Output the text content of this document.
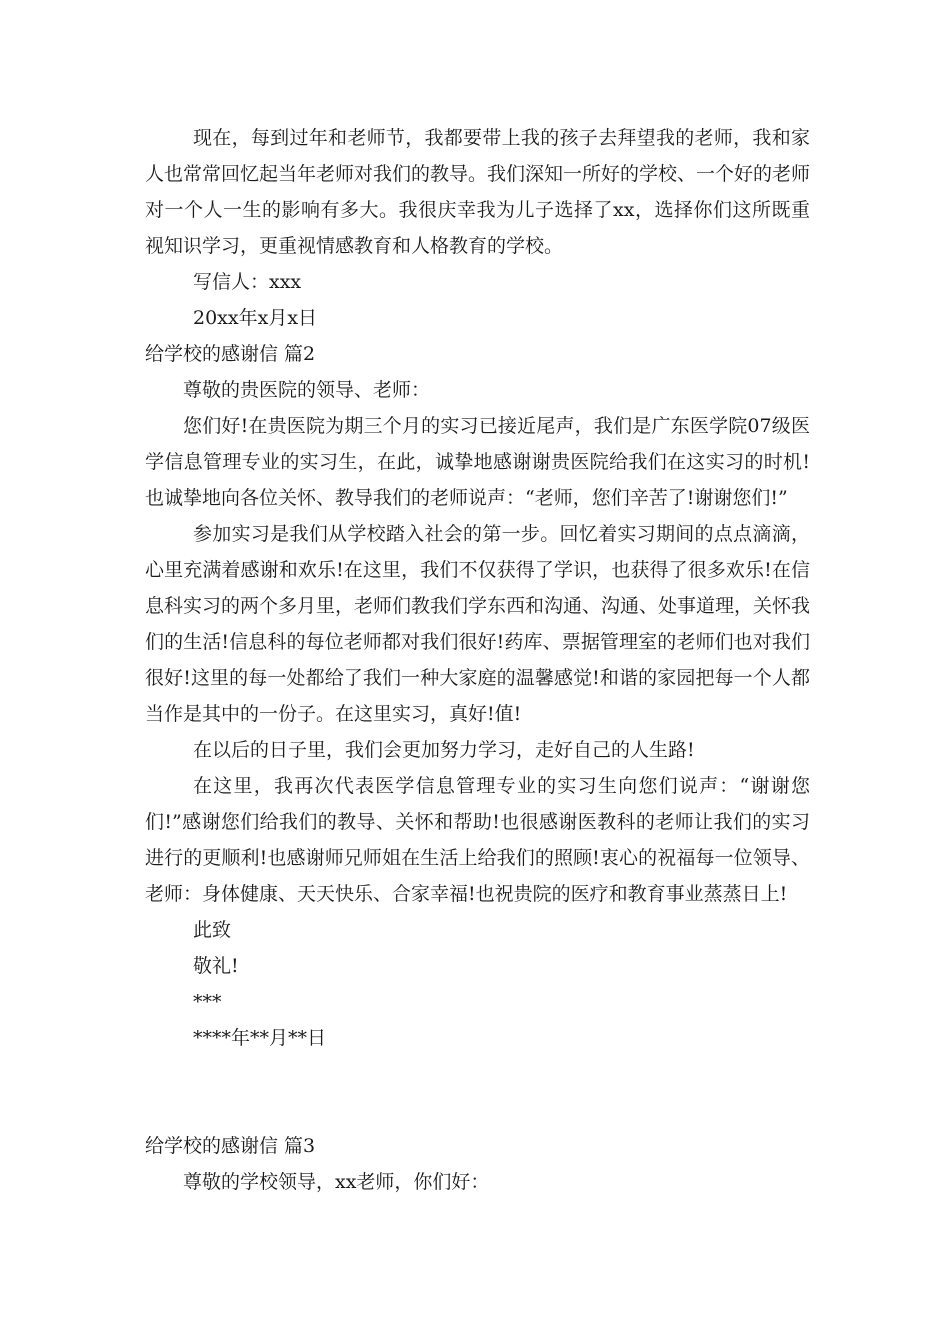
现在，每到过年和老师节，我都要带上我的孩子去拜望我的老师，我和家人也常常回忆起当年老师对我们的教导。我们深知一所好的学校、一个好的老师对一个人一生的影响有多大。我很庆幸我为儿子选择了xx，选择你们这所既重视知识学习，更重视情感教育和人格教育的学校。

写信人：xxx

20xx年x月x日

给学校的感谢信 篇2

尊敬的贵医院的领导、老师：

您们好!在贵医院为期三个月的实习已接近尾声，我们是广东医学院07级医学信息管理专业的实习生，在此，诚挚地感谢谢贵医院给我们在这实习的时机!也诚挚地向各位关怀、教导我们的老师说声：“老师，您们辛苦了!谢谢您们!”

参加实习是我们从学校踏入社会的第一步。回忆着实习期间的点点滴滴，心里充满着感谢和欢乐!在这里，我们不仅获得了学识，也获得了很多欢乐!在信息科实习的两个多月里，老师们教我们学东西和沟通、沟通、处事道理，关怀我们的生活!信息科的每位老师都对我们很好!药库、票据管理室的老师们也对我们很好!这里的每一处都给了我们一种大家庭的温馨感觉!和谐的家园把每一个人都当作是其中的一份子。在这里实习，真好!值!

在以后的日子里，我们会更加努力学习，走好自己的人生路!

在这里，我再次代表医学信息管理专业的实习生向您们说声：“谢谢您们!”感谢您们给我们的教导、关怀和帮助!也很感谢医教科的老师让我们的实习进行的更顺利!也感谢师兄师姐在生活上给我们的照顾!衷心的祝福每一位领导、老师：身体健康、天天快乐、合家幸福!也祝贵院的医疗和教育事业蒸蒸日上!

此致

敬礼!

***

****年**月**日

给学校的感谢信 篇3

尊敬的学校领导，xx老师，你们好：
